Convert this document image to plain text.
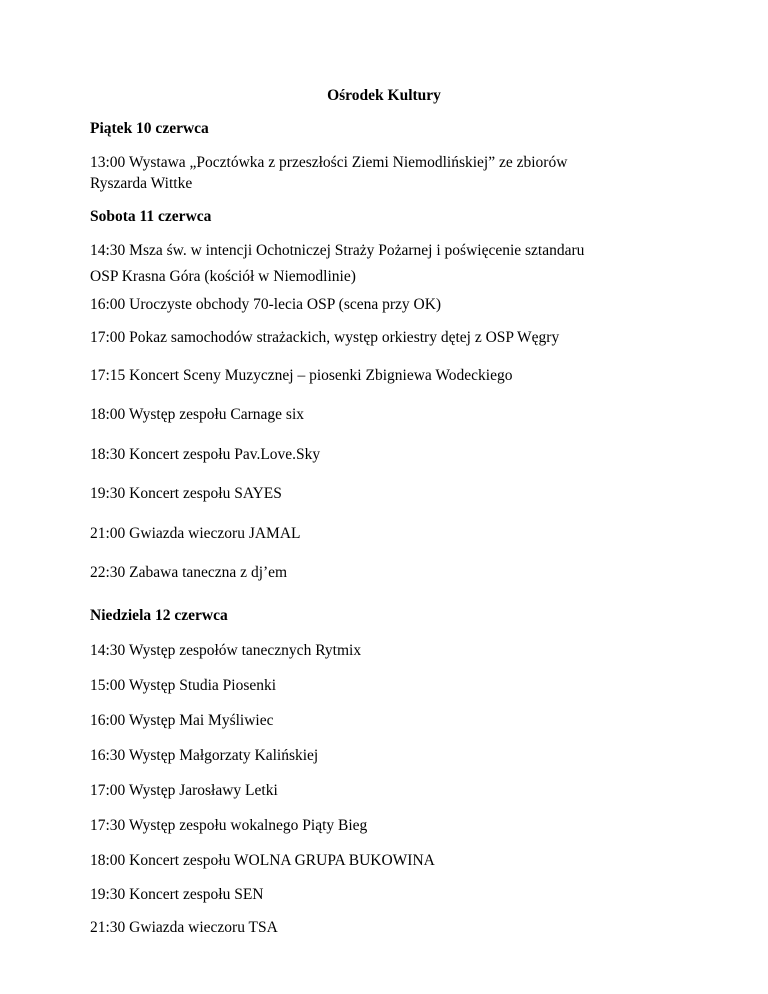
Ośrodek Kultury
Piątek 10 czerwca
13:00 Wystawa „Pocztówka z przeszłości Ziemi Niemodlińskiej” ze zbiorów
Ryszarda Wittke
Sobota 11 czerwca
14:30 Msza św. w intencji Ochotniczej Straży Pożarnej i poświęcenie sztandaru
OSP Krasna Góra (kościół w Niemodlinie)
16:00 Uroczyste obchody 70-lecia OSP (scena przy OK)
17:00 Pokaz samochodów strażackich, występ orkiestry dętej z OSP Węgry
17:15 Koncert Sceny Muzycznej – piosenki Zbigniewa Wodeckiego
18:00 Występ zespołu Carnage six
18:30 Koncert zespołu Pav.Love.Sky
19:30 Koncert zespołu SAYES
21:00 Gwiazda wieczoru JAMAL
22:30 Zabawa taneczna z dj’em
Niedziela 12 czerwca
14:30 Występ zespołów tanecznych Rytmix
15:00 Występ Studia Piosenki
16:00 Występ Mai Myśliwiec
16:30 Występ Małgorzaty Kalińskiej
17:00 Występ Jarosławy Letki
17:30 Występ zespołu wokalnego Piąty Bieg
18:00 Koncert zespołu WOLNA GRUPA BUKOWINA
19:30 Koncert zespołu SEN
21:30 Gwiazda wieczoru TSA
